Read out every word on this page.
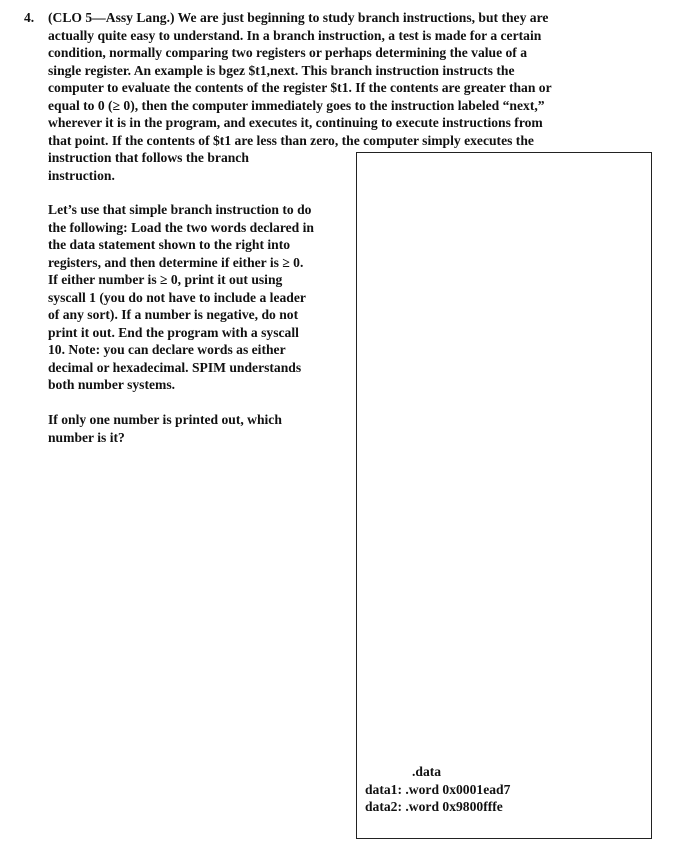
4. (CLO 5—Assy Lang.) We are just beginning to study branch instructions, but they are
actually quite easy to understand. In a branch instruction, a test is made for a certain
condition, normally comparing two registers or perhaps determining the value of a
single register. An example is bgez $t1,next. This branch instruction instructs the
computer to evaluate the contents of the register $t1. If the contents are greater than or
equal to 0 (≥ 0), then the computer immediately goes to the instruction labeled “next,”
wherever it is in the program, and executes it, continuing to execute instructions from
that point. If the contents of $t1 are less than zero, the computer simply executes the
instruction that follows the branch
instruction.
Let’s use that simple branch instruction to do
the following: Load the two words declared in
the data statement shown to the right into
registers, and then determine if either is ≥ 0.
If either number is ≥ 0, print it out using
syscall 1 (you do not have to include a leader
of any sort). If a number is negative, do not
print it out. End the program with a syscall
10. Note: you can declare words as either
decimal or hexadecimal. SPIM understands
both number systems.
If only one number is printed out, which
number is it?
.data
data1: .word 0x0001ead7
data2: .word 0x9800fffe
